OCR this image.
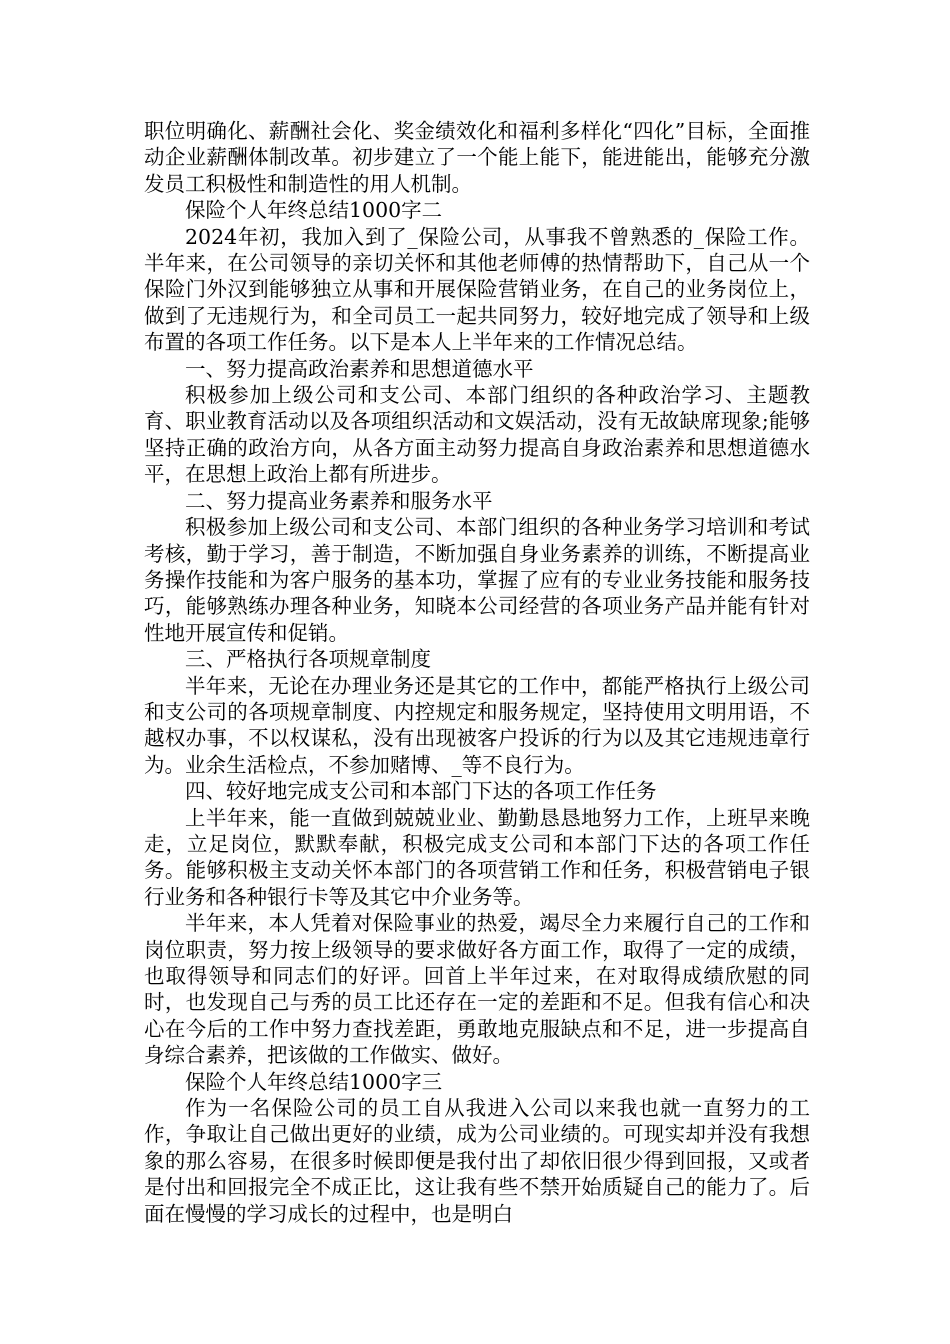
职位明确化、薪酬社会化、奖金绩效化和福利多样化“四化”目标，全面推动企业薪酬体制改革。初步建立了一个能上能下，能进能出，能够充分激发员工积极性和制造性的用人机制。

保险个人年终总结1000字二

2024年初，我加入到了_保险公司，从事我不曾熟悉的_保险工作。半年来，在公司领导的亲切关怀和其他老师傅的热情帮助下，自己从一个保险门外汉到能够独立从事和开展保险营销业务，在自己的业务岗位上，做到了无违规行为，和全司员工一起共同努力，较好地完成了领导和上级布置的各项工作任务。以下是本人上半年来的工作情况总结。

一、努力提高政治素养和思想道德水平

积极参加上级公司和支公司、本部门组织的各种政治学习、主题教育、职业教育活动以及各项组织活动和文娱活动，没有无故缺席现象;能够坚持正确的政治方向，从各方面主动努力提高自身政治素养和思想道德水平，在思想上政治上都有所进步。

二、努力提高业务素养和服务水平

积极参加上级公司和支公司、本部门组织的各种业务学习培训和考试考核，勤于学习，善于制造，不断加强自身业务素养的训练，不断提高业务操作技能和为客户服务的基本功，掌握了应有的专业业务技能和服务技巧，能够熟练办理各种业务，知晓本公司经营的各项业务产品并能有针对性地开展宣传和促销。

三、严格执行各项规章制度

半年来，无论在办理业务还是其它的工作中，都能严格执行上级公司和支公司的各项规章制度、内控规定和服务规定，坚持使用文明用语，不越权办事，不以权谋私，没有出现被客户投诉的行为以及其它违规违章行为。业余生活检点，不参加赌博、_等不良行为。

四、较好地完成支公司和本部门下达的各项工作任务

上半年来，能一直做到兢兢业业、勤勤恳恳地努力工作，上班早来晚走，立足岗位，默默奉献，积极完成支公司和本部门下达的各项工作任务。能够积极主支动关怀本部门的各项营销工作和任务，积极营销电子银行业务和各种银行卡等及其它中介业务等。

半年来，本人凭着对保险事业的热爱，竭尽全力来履行自己的工作和岗位职责，努力按上级领导的要求做好各方面工作，取得了一定的成绩，也取得领导和同志们的好评。回首上半年过来，在对取得成绩欣慰的同时，也发现自己与秀的员工比还存在一定的差距和不足。但我有信心和决心在今后的工作中努力查找差距，勇敢地克服缺点和不足，进一步提高自身综合素养，把该做的工作做实、做好。

保险个人年终总结1000字三

作为一名保险公司的员工自从我进入公司以来我也就一直努力的工作，争取让自己做出更好的业绩，成为公司业绩的。可现实却并没有我想象的那么容易，在很多时候即便是我付出了却依旧很少得到回报，又或者是付出和回报完全不成正比，这让我有些不禁开始质疑自己的能力了。后面在慢慢的学习成长的过程中，也是明白
